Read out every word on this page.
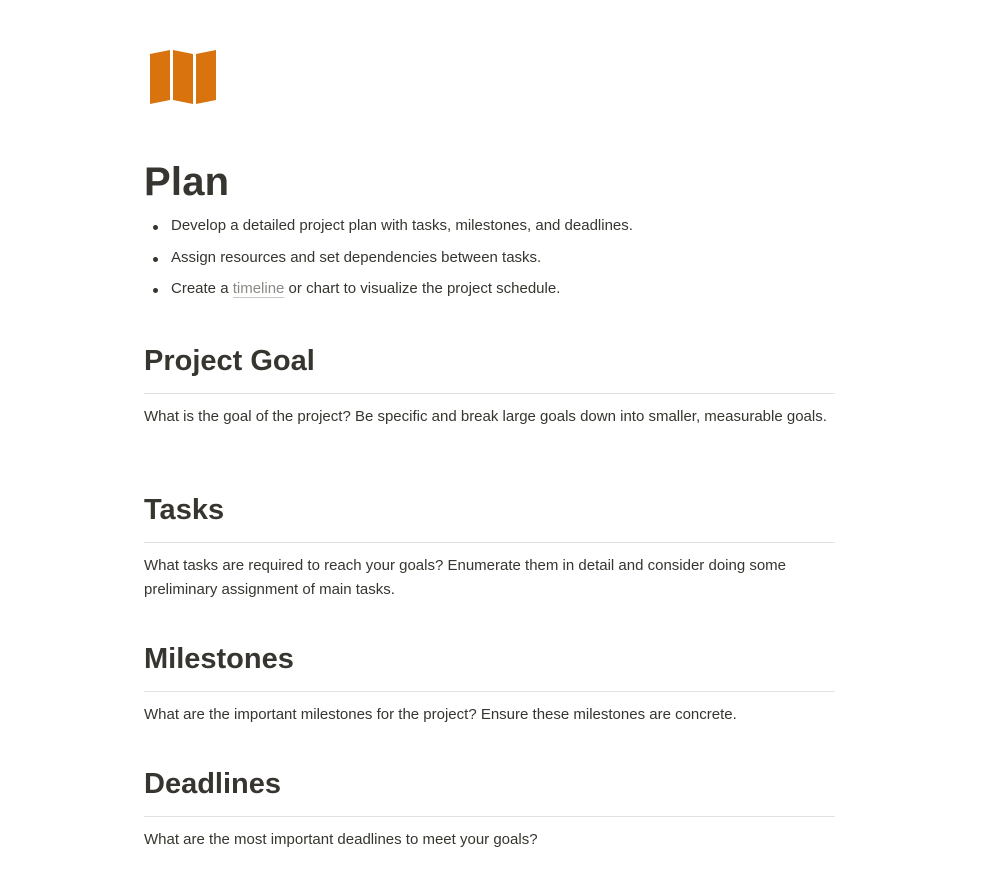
Plan
Develop a detailed project plan with tasks, milestones, and deadlines.
Assign resources and set dependencies between tasks.
Create a timeline or chart to visualize the project schedule.
Project Goal

What is the goal of the project? Be specific and break large goals down into smaller, measurable goals.

Tasks

What tasks are required to reach your goals? Enumerate them in detail and consider doing some preliminary assignment of main tasks.

Milestones

What are the important milestones for the project? Ensure these milestones are concrete.

Deadlines

What are the most important deadlines to meet your goals?
